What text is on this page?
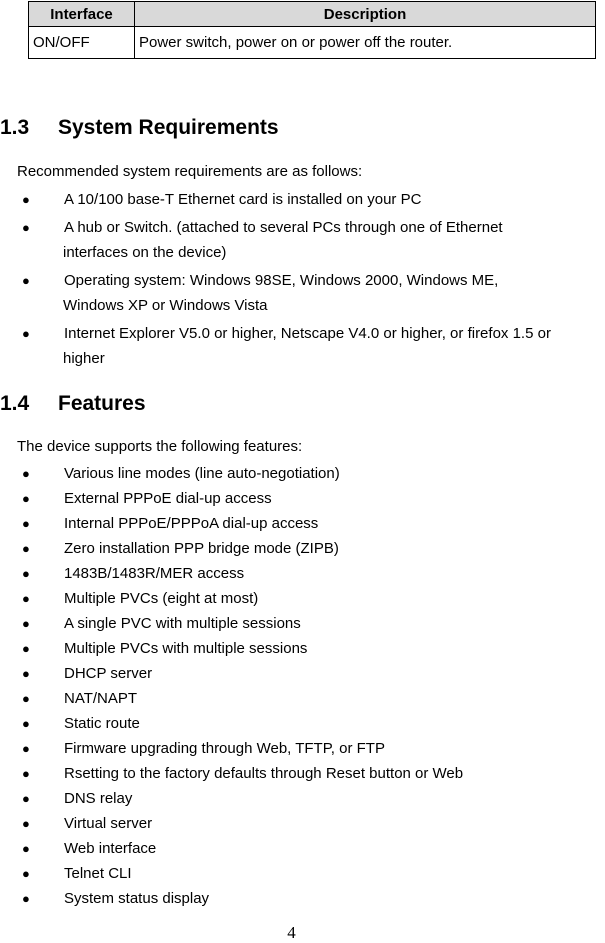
Interface	Description
ON/OFF	Power switch, power on or power off the router.
1.3 System Requirements
Recommended system requirements are as follows:
● A 10/100 base-T Ethernet card is installed on your PC
● A hub or Switch. (attached to several PCs through one of Ethernet
interfaces on the device)
● Operating system: Windows 98SE, Windows 2000, Windows ME,
Windows XP or Windows Vista
● Internet Explorer V5.0 or higher, Netscape V4.0 or higher, or firefox 1.5 or
higher
1.4 Features
The device supports the following features:
● Various line modes (line auto-negotiation)
● External PPPoE dial-up access
● Internal PPPoE/PPPoA dial-up access
● Zero installation PPP bridge mode (ZIPB)
● 1483B/1483R/MER access
● Multiple PVCs (eight at most)
● A single PVC with multiple sessions
● Multiple PVCs with multiple sessions
● DHCP server
● NAT/NAPT
● Static route
● Firmware upgrading through Web, TFTP, or FTP
● Rsetting to the factory defaults through Reset button or Web
● DNS relay
● Virtual server
● Web interface
● Telnet CLI
● System status display
4
